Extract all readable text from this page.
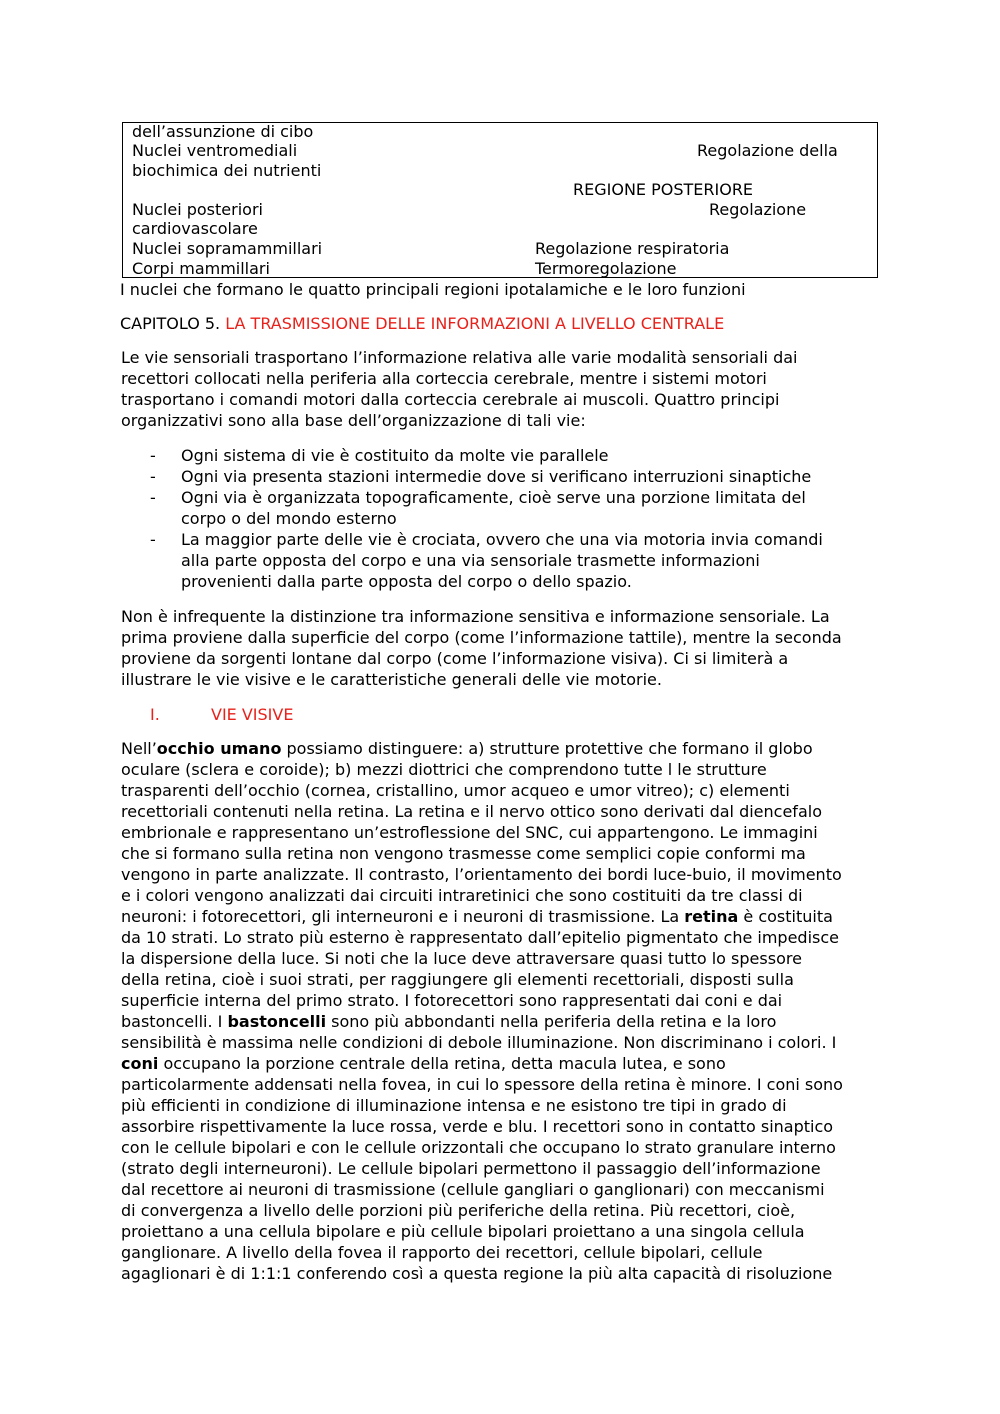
dell’assunzione di cibo
Nuclei ventromediali	Regolazione della
biochimica dei nutrienti
REGIONE POSTERIORE
Nuclei posteriori	Regolazione
cardiovascolare
Nuclei sopramammillari	Regolazione respiratoria
Corpi mammillari	Termoregolazione
I nuclei che formano le quatto principali regioni ipotalamiche e le loro funzioni
CAPITOLO 5. LA TRASMISSIONE DELLE INFORMAZIONI A LIVELLO CENTRALE

Le vie sensoriali trasportano l’informazione relativa alle varie modalità sensoriali dai
recettori collocati nella periferia alla corteccia cerebrale, mentre i sistemi motori
trasportano i comandi motori dalla corteccia cerebrale ai muscoli. Quattro principi
organizzativi sono alla base dell’organizzazione di tali vie:

- Ogni sistema di vie è costituito da molte vie parallele
- Ogni via presenta stazioni intermedie dove si verificano interruzioni sinaptiche
- Ogni via è organizzata topograficamente, cioè serve una porzione limitata del
corpo o del mondo esterno
- La maggior parte delle vie è crociata, ovvero che una via motoria invia comandi
alla parte opposta del corpo e una via sensoriale trasmette informazioni
provenienti dalla parte opposta del corpo o dello spazio.

Non è infrequente la distinzione tra informazione sensitiva e informazione sensoriale. La
prima proviene dalla superficie del corpo (come l’informazione tattile), mentre la seconda
proviene da sorgenti lontane dal corpo (come l’informazione visiva). Ci si limiterà a
illustrare le vie visive e le caratteristiche generali delle vie motorie.

I.	VIE VISIVE

Nell’occhio umano possiamo distinguere: a) strutture protettive che formano il globo
oculare (sclera e coroide); b) mezzi diottrici che comprendono tutte l le strutture
trasparenti dell’occhio (cornea, cristallino, umor acqueo e umor vitreo); c) elementi
recettoriali contenuti nella retina. La retina e il nervo ottico sono derivati dal diencefalo
embrionale e rappresentano un’estroflessione del SNC, cui appartengono. Le immagini
che si formano sulla retina non vengono trasmesse come semplici copie conformi ma
vengono in parte analizzate. Il contrasto, l’orientamento dei bordi luce-buio, il movimento
e i colori vengono analizzati dai circuiti intraretinici che sono costituiti da tre classi di
neuroni: i fotorecettori, gli interneuroni e i neuroni di trasmissione. La retina è costituita
da 10 strati. Lo strato più esterno è rappresentato dall’epitelio pigmentato che impedisce
la dispersione della luce. Si noti che la luce deve attraversare quasi tutto lo spessore
della retina, cioè i suoi strati, per raggiungere gli elementi recettoriali, disposti sulla
superficie interna del primo strato. I fotorecettori sono rappresentati dai coni e dai
bastoncelli. I bastoncelli sono più abbondanti nella periferia della retina e la loro
sensibilità è massima nelle condizioni di debole illuminazione. Non discriminano i colori. I
coni occupano la porzione centrale della retina, detta macula lutea, e sono
particolarmente addensati nella fovea, in cui lo spessore della retina è minore. I coni sono
più efficienti in condizione di illuminazione intensa e ne esistono tre tipi in grado di
assorbire rispettivamente la luce rossa, verde e blu. I recettori sono in contatto sinaptico
con le cellule bipolari e con le cellule orizzontali che occupano lo strato granulare interno
(strato degli interneuroni). Le cellule bipolari permettono il passaggio dell’informazione
dal recettore ai neuroni di trasmissione (cellule gangliari o ganglionari) con meccanismi
di convergenza a livello delle porzioni più periferiche della retina. Più recettori, cioè,
proiettano a una cellula bipolare e più cellule bipolari proiettano a una singola cellula
ganglionare. A livello della fovea il rapporto dei recettori, cellule bipolari, cellule
agaglionari è di 1:1:1 conferendo così a questa regione la più alta capacità di risoluzione
